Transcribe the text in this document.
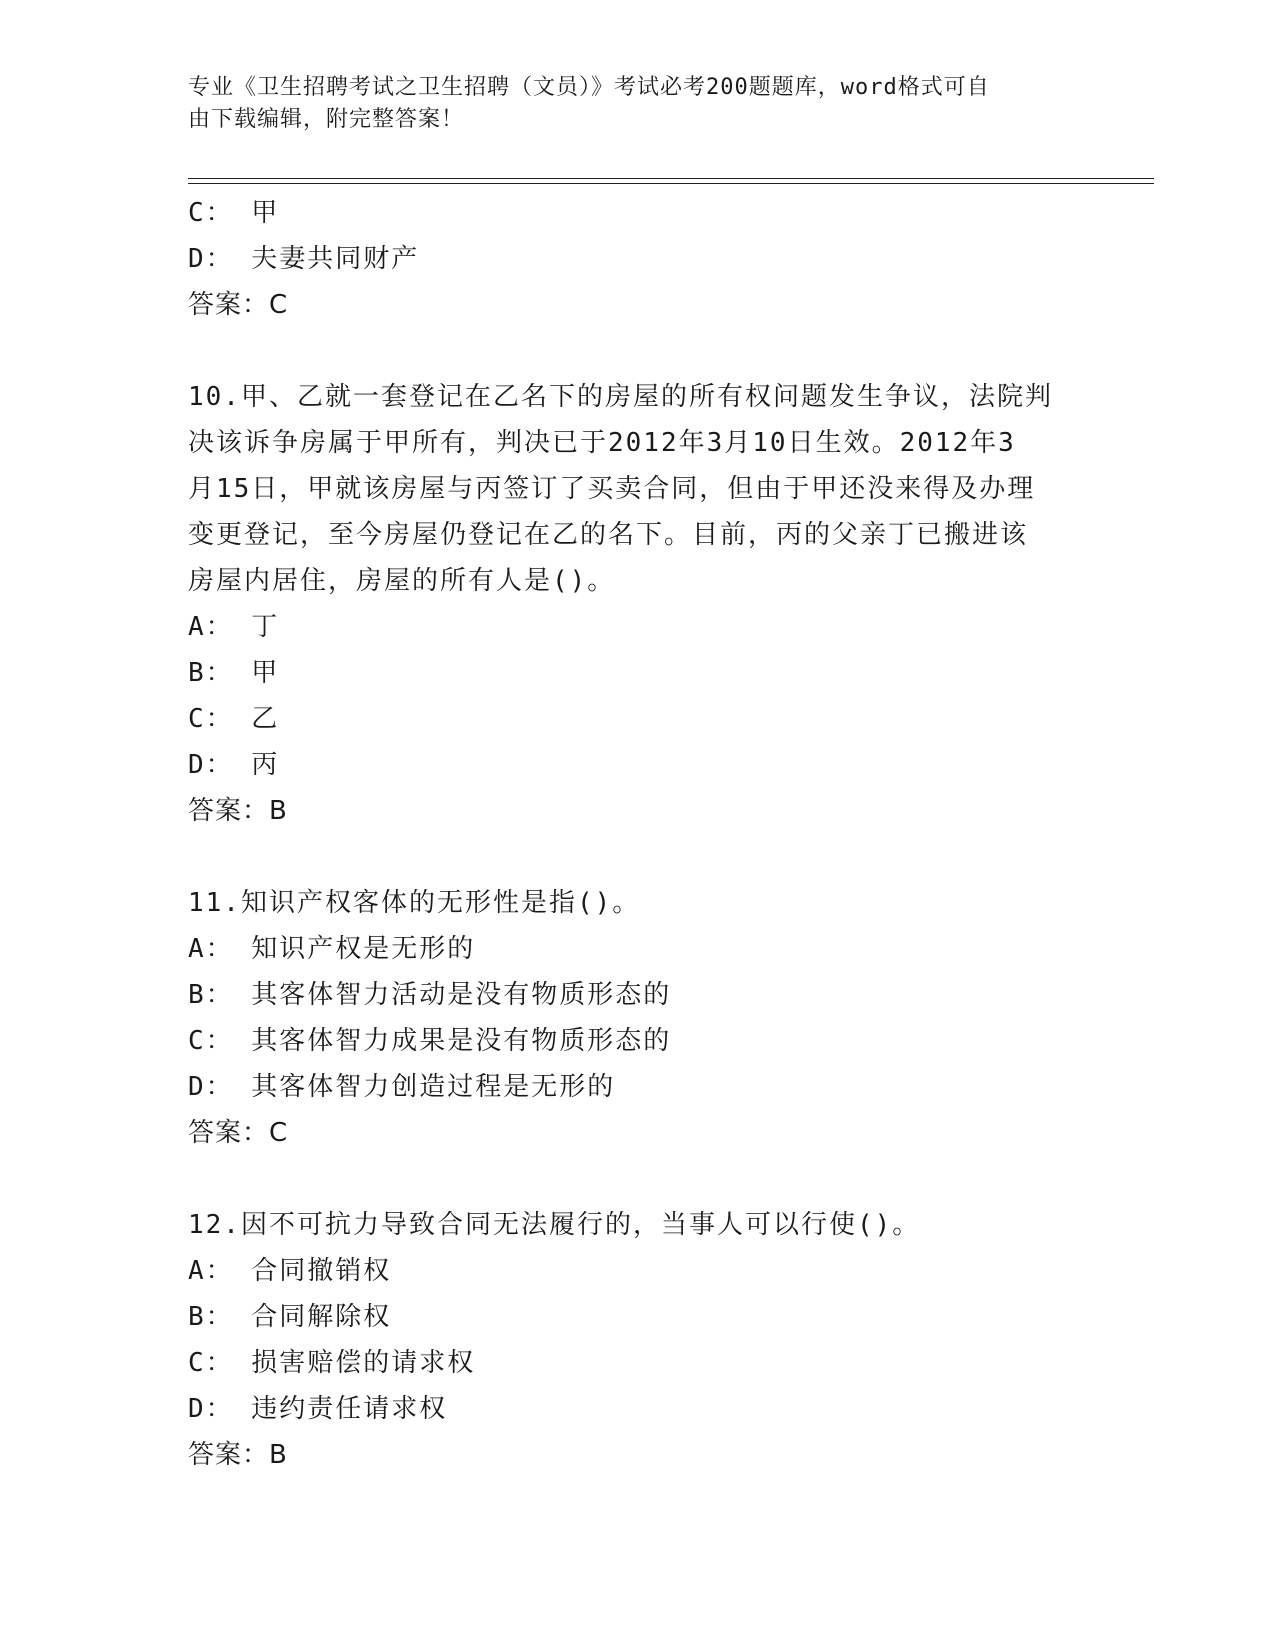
专业《卫生招聘考试之卫生招聘（文员）》考试必考200题题库，word格式可自
由下载编辑，附完整答案！
C： 甲
D： 夫妻共同财产
答案：C
10.甲、乙就一套登记在乙名下的房屋的所有权问题发生争议，法院判
决该诉争房属于甲所有，判决已于2012年3月10日生效。2012年3
月15日，甲就该房屋与丙签订了买卖合同，但由于甲还没来得及办理
变更登记，至今房屋仍登记在乙的名下。目前，丙的父亲丁已搬进该
房屋内居住，房屋的所有人是()。
A： 丁
B： 甲
C： 乙
D： 丙
答案：B
11.知识产权客体的无形性是指()。
A： 知识产权是无形的
B： 其客体智力活动是没有物质形态的
C： 其客体智力成果是没有物质形态的
D： 其客体智力创造过程是无形的
答案：C
12.因不可抗力导致合同无法履行的，当事人可以行使()。
A： 合同撤销权
B： 合同解除权
C： 损害赔偿的请求权
D： 违约责任请求权
答案：B
